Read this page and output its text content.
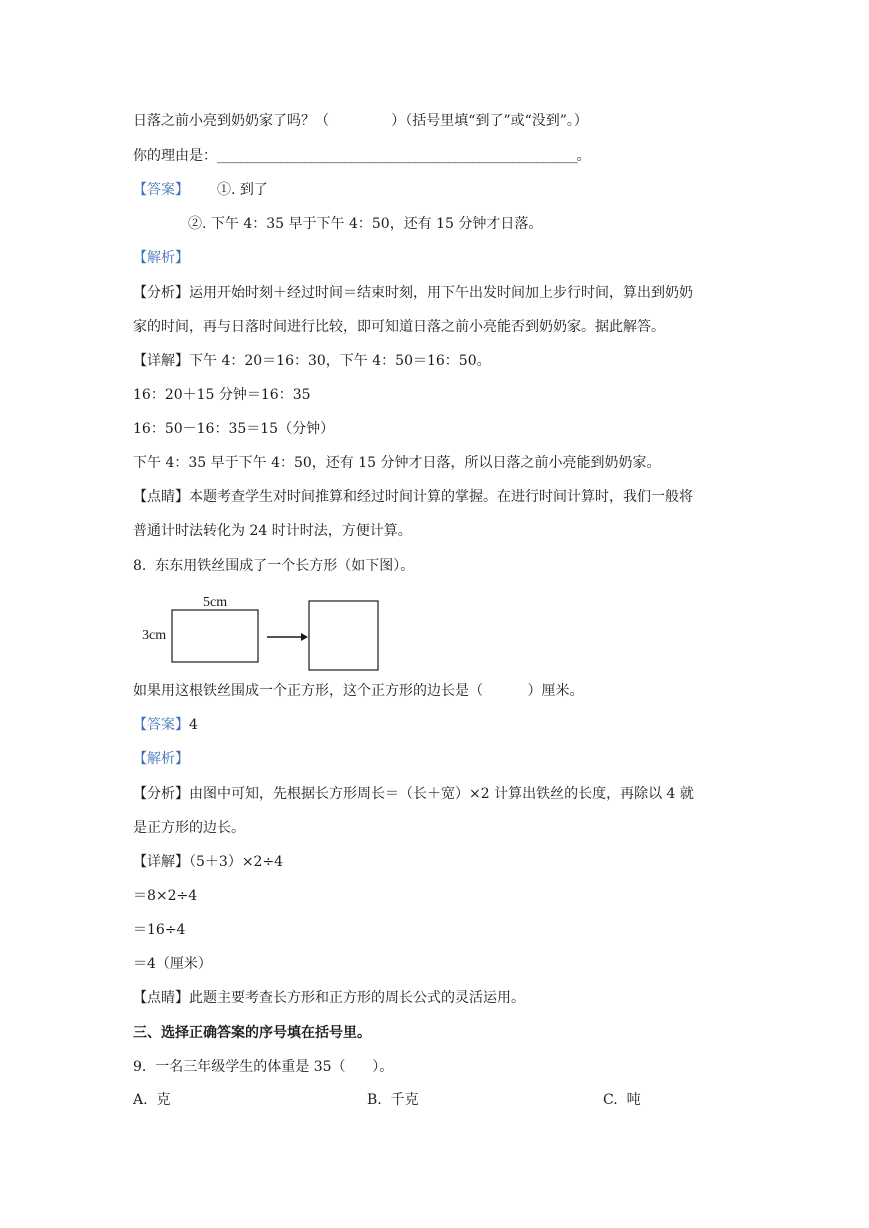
日落之前小亮到奶奶家了吗？（              ）（括号里填“到了”或“没到”。）
你的理由是：______________________________________________________________。
【答案】 ①. 到了
②. 下午 4：35 早于下午 4：50，还有 15 分钟才日落。
【解析】
【分析】运用开始时刻＋经过时间＝结束时刻，用下午出发时间加上步行时间，算出到奶奶
家的时间，再与日落时间进行比较，即可知道日落之前小亮能否到奶奶家。据此解答。
【详解】下午 4：20＝16：30，下午 4：50＝16：50。
16：20＋15 分钟＝16：35
16：50－16：35＝15（分钟）
下午 4：35 早于下午 4：50，还有 15 分钟才日落，所以日落之前小亮能到奶奶家。
【点睛】本题考查学生对时间推算和经过时间计算的掌握。在进行时间计算时，我们一般将
普通计时法转化为 24 时计时法，方便计算。
8.  东东用铁丝围成了一个长方形（如下图）。
5cm
3cm
如果用这根铁丝围成一个正方形，这个正方形的边长是（          ）厘米。
【答案】4
【解析】
【分析】由图中可知，先根据长方形周长＝（长＋宽）×2 计算出铁丝的长度，再除以 4 就
是正方形的边长。
【详解】（5＋3）×2÷4
＝8×2÷4
＝16÷4
＝4（厘米）
【点睛】此题主要考查长方形和正方形的周长公式的灵活运用。
三、选择正确答案的序号填在括号里。
9.  一名三年级学生的体重是 35（      ）。
A.  克	B.  千克	C.  吨
